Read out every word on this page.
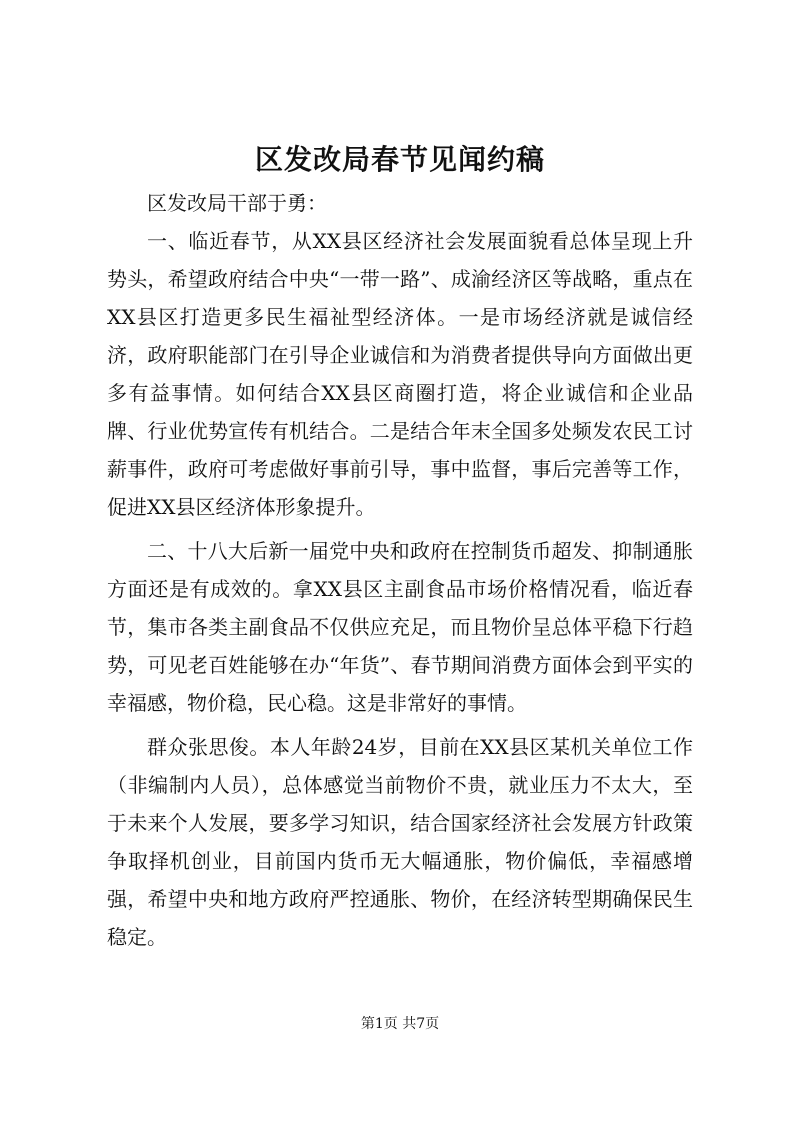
区发改局春节见闻约稿

区发改局干部于勇：

一、临近春节，从XX县区经济社会发展面貌看总体呈现上升势头，希望政府结合中央“一带一路”、成渝经济区等战略，重点在XX县区打造更多民生福祉型经济体。一是市场经济就是诚信经济，政府职能部门在引导企业诚信和为消费者提供导向方面做出更多有益事情。如何结合XX县区商圈打造，将企业诚信和企业品牌、行业优势宣传有机结合。二是结合年末全国多处频发农民工讨薪事件，政府可考虑做好事前引导，事中监督，事后完善等工作，促进XX县区经济体形象提升。

二、十八大后新一届党中央和政府在控制货币超发、抑制通胀方面还是有成效的。拿XX县区主副食品市场价格情况看，临近春节，集市各类主副食品不仅供应充足，而且物价呈总体平稳下行趋势，可见老百姓能够在办“年货”、春节期间消费方面体会到平实的幸福感，物价稳，民心稳。这是非常好的事情。

群众张思俊。本人年龄24岁，目前在XX县区某机关单位工作（非编制内人员），总体感觉当前物价不贵，就业压力不太大，至于未来个人发展，要多学习知识，结合国家经济社会发展方针政策争取择机创业，目前国内货币无大幅通胀，物价偏低，幸福感增强，希望中央和地方政府严控通胀、物价，在经济转型期确保民生稳定。

第1页 共7页
